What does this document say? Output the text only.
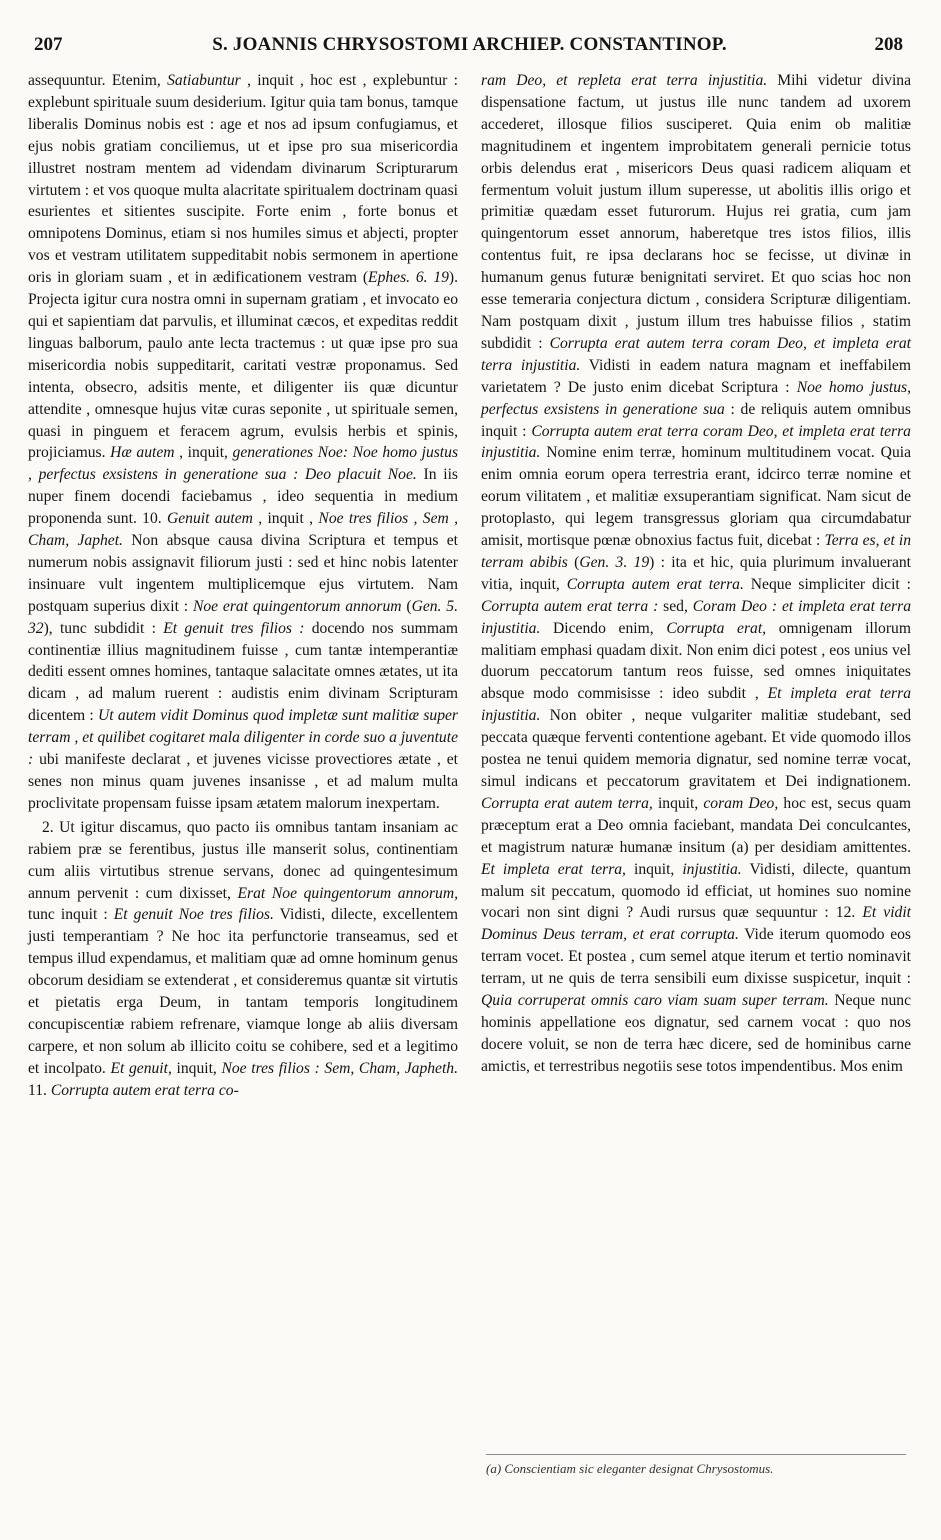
207	S. JOANNIS CHRYSOSTOMI ARCHIEP. CONSTANTINOP.	208

assequuntur. Etenim, Satiabuntur , inquit , hoc est , explebuntur : explebunt spirituale suum desiderium. Igitur quia tam bonus, tamque liberalis Dominus nobis est : age et nos ad ipsum confugiamus, et ejus nobis gratiam conciliemus, ut et ipse pro sua misericordia illustret nostram mentem ad videndam divinarum Scripturarum virtutem : et vos quoque multa alacritate spiritualem doctrinam quasi esurientes et sitientes suscipite. Forte enim , forte bonus et omnipotens Dominus, etiam si nos humiles simus et abjecti, propter vos et vestram utilitatem suppeditabit nobis sermonem in apertione oris in gloriam suam , et in ædificationem vestram (Ephes. 6. 19). Projecta igitur cura nostra omni in supernam gratiam , et invocato eo qui et sapientiam dat parvulis, et illuminat cæcos, et expeditas reddit linguas balborum, paulo ante lecta tractemus : ut quæ ipse pro sua misericordia nobis suppeditarit, caritati vestræ proponamus. Sed intenta, obsecro, adsitis mente, et diligenter iis quæ dicuntur attendite , omnesque hujus vitæ curas seponite , ut spirituale semen, quasi in pinguem et feracem agrum, evulsis herbis et spinis, projiciamus. Hæ autem , inquit, generationes Noe: Noe homo justus , perfectus exsistens in generatione sua : Deo placuit Noe. In iis nuper finem docendi faciebamus , ideo sequentia in medium proponenda sunt. 10. Genuit autem , inquit , Noe tres filios , Sem , Cham, Japhet. Non absque causa divina Scriptura et tempus et numerum nobis assignavit filiorum justi : sed et hinc nobis latenter insinuare vult ingentem multiplicemque ejus virtutem. Nam postquam superius dixit : Noe erat quingentorum annorum (Gen. 5. 32), tunc subdidit : Et genuit tres filios : docendo nos summam continentiæ illius magnitudinem fuisse , cum tantæ intemperantiæ dediti essent omnes homines, tantaque salacitate omnes ætates, ut ita dicam , ad malum ruerent : audistis enim divinam Scripturam dicentem : Ut autem vidit Dominus quod impletæ sunt malitiæ super terram , et quilibet cogitaret mala diligenter in corde suo a juventute : ubi manifeste declarat , et juvenes vicisse provectiores ætate , et senes non minus quam juvenes insanisse , et ad malum multa proclivitate propensam fuisse ipsam ætatem malorum inexpertam.

2. Ut igitur discamus, quo pacto iis omnibus tantam insaniam ac rabiem præ se ferentibus, justus ille manserit solus, continentiam cum aliis virtutibus strenue servans, donec ad quingentesimum annum pervenit : cum dixisset, Erat Noe quingentorum annorum, tunc inquit : Et genuit Noe tres filios. Vidisti, dilecte, excellentem justi temperantiam ? Ne hoc ita perfunctorie transeamus, sed et tempus illud expendamus, et malitiam quæ ad omne hominum genus obcorum desidiam se extenderat , et consideremus quantæ sit virtutis et pietatis erga Deum, in tantam temporis longitudinem concupiscentiæ rabiem refrenare, viamque longe ab aliis diversam carpere, et non solum ab illicito coitu se cohibere, sed et a legitimo et incolpato. Et genuit, inquit, Noe tres filios : Sem, Cham, Japheth. 11. Corrupta autem erat terra co-

ram Deo, et repleta erat terra injustitia. Mihi videtur divina dispensatione factum, ut justus ille nunc tandem ad uxorem accederet, illosque filios susciperet. Quia enim ob malitiæ magnitudinem et ingentem improbitatem generali pernicie totus orbis delendus erat , misericors Deus quasi radicem aliquam et fermentum voluit justum illum superesse, ut abolitis illis origo et primitiæ quædam esset futurorum. Hujus rei gratia, cum jam quingentorum esset annorum, haberetque tres istos filios, illis contentus fuit, re ipsa declarans hoc se fecisse, ut divinæ in humanum genus futuræ benignitati serviret. Et quo scias hoc non esse temeraria conjectura dictum , considera Scripturæ diligentiam. Nam postquam dixit , justum illum tres habuisse filios , statim subdidit : Corrupta erat autem terra coram Deo, et impleta erat terra injustitia. Vidisti in eadem natura magnam et ineffabilem varietatem ? De justo enim dicebat Scriptura : Noe homo justus, perfectus exsistens in generatione sua : de reliquis autem omnibus inquit : Corrupta autem erat terra coram Deo, et impleta erat terra injustitia. Nomine enim terræ, hominum multitudinem vocat. Quia enim omnia eorum opera terrestria erant, idcirco terræ nomine et eorum vilitatem , et malitiæ exsuperantiam significat. Nam sicut de protoplasto, qui legem transgressus gloriam qua circumdabatur amisit, mortisque pœnæ obnoxius factus fuit, dicebat : Terra es, et in terram abibis (Gen. 3. 19) : ita et hic, quia plurimum invaluerant vitia, inquit, Corrupta autem erat terra. Neque simpliciter dicit : Corrupta autem erat terra : sed, Coram Deo : et impleta erat terra injustitia. Dicendo enim, Corrupta erat, omnigenam illorum malitiam emphasi quadam dixit. Non enim dici potest , eos unius vel duorum peccatorum tantum reos fuisse, sed omnes iniquitates absque modo commisisse : ideo subdit , Et impleta erat terra injustitia. Non obiter , neque vulgariter malitiæ studebant, sed peccata quæque ferventi contentione agebant. Et vide quomodo illos postea ne tenui quidem memoria dignatur, sed nomine terræ vocat, simul indicans et peccatorum gravitatem et Dei indignationem. Corrupta erat autem terra, inquit, coram Deo, hoc est, secus quam præceptum erat a Deo omnia faciebant, mandata Dei conculcantes, et magistrum naturæ humanæ insitum (a) per desidiam amittentes. Et impleta erat terra, inquit, injustitia. Vidisti, dilecte, quantum malum sit peccatum, quomodo id efficiat, ut homines suo nomine vocari non sint digni ? Audi rursus quæ sequuntur : 12. Et vidit Dominus Deus terram, et erat corrupta. Vide iterum quomodo eos terram vocet. Et postea , cum semel atque iterum et tertio nominavit terram, ut ne quis de terra sensibili eum dixisse suspicetur, inquit : Quia corruperat omnis caro viam suam super terram. Neque nunc hominis appellatione eos dignatur, sed carnem vocat : quo nos docere voluit, se non de terra hæc dicere, sed de hominibus carne amictis, et terrestribus negotiis sese totos impendentibus. Mos enim

(a) Conscientiam sic eleganter designat Chrysostomus.
